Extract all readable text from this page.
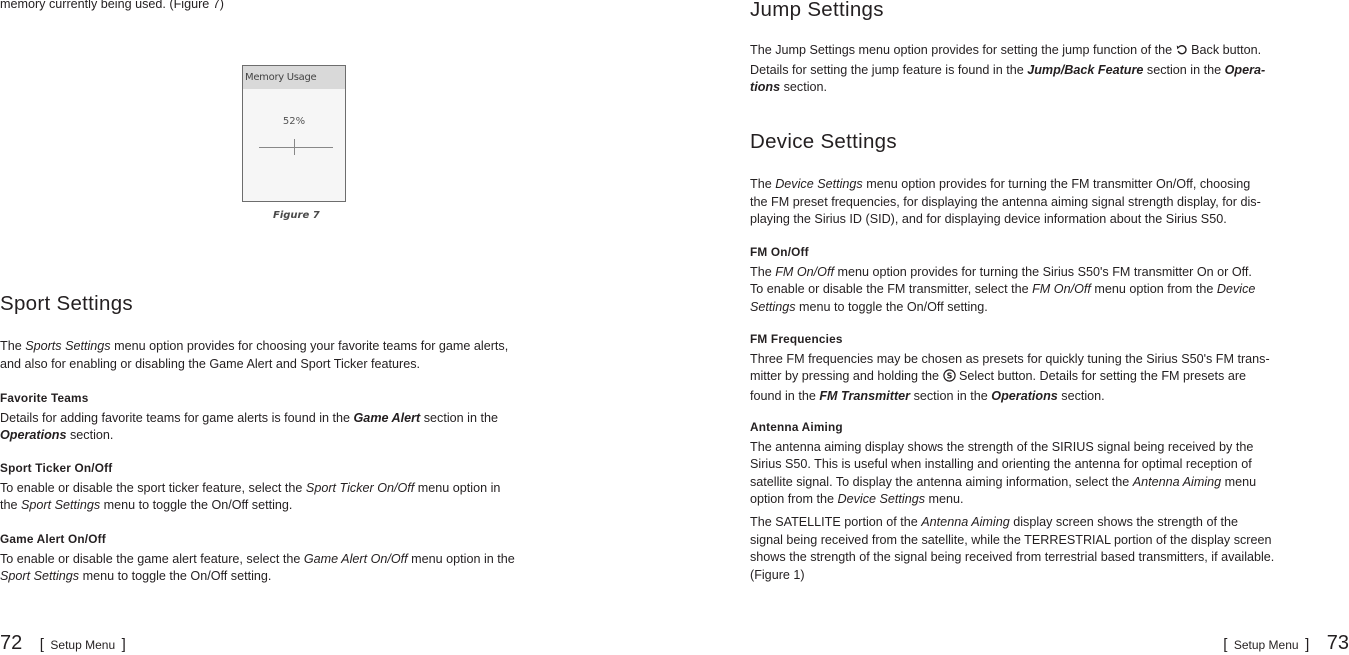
memory currently being used. (Figure 7)
Memory Usage
52%
Figure 7
Sport Settings

The Sports Settings menu option provides for choosing your favorite teams for game alerts,

and also for enabling or disabling the Game Alert and Sport Ticker features.

Favorite Teams

Details for adding favorite teams for game alerts is found in the Game Alert section in the

Operations section.

Sport Ticker On/Off

To enable or disable the sport ticker feature, select the Sport Ticker On/Off menu option in

the Sport Settings menu to toggle the On/Off setting.

Game Alert On/Off

To enable or disable the game alert feature, select the Game Alert On/Off menu option in the

Sport Settings menu to toggle the On/Off setting.

72 [ Setup Menu ]
Jump Settings

The Jump Settings menu option provides for setting the jump function of the  Back button.

Details for setting the jump feature is found in the Jump/Back Feature section in the Opera-

tions section.

Device Settings

The Device Settings menu option provides for turning the FM transmitter On/Off, choosing

the FM preset frequencies, for displaying the antenna aiming signal strength display, for dis-

playing the Sirius ID (SID), and for displaying device information about the Sirius S50.

FM On/Off

The FM On/Off menu option provides for turning the Sirius S50's FM transmitter On or Off.

To enable or disable the FM transmitter, select the FM On/Off menu option from the Device

Settings menu to toggle the On/Off setting.

FM Frequencies

Three FM frequencies may be chosen as presets for quickly tuning the Sirius S50's FM trans-

mitter by pressing and holding the S Select button. Details for setting the FM presets are

found in the FM Transmitter section in the Operations section.

Antenna Aiming

The antenna aiming display shows the strength of the SIRIUS signal being received by the

Sirius S50. This is useful when installing and orienting the antenna for optimal reception of

satellite signal. To display the antenna aiming information, select the Antenna Aiming menu

option from the Device Settings menu.

The SATELLITE portion of the Antenna Aiming display screen shows the strength of the

signal being received from the satellite, while the TERRESTRIAL portion of the display screen

shows the strength of the signal being received from terrestrial based transmitters, if available.

(Figure 1)

[ Setup Menu ] 73
